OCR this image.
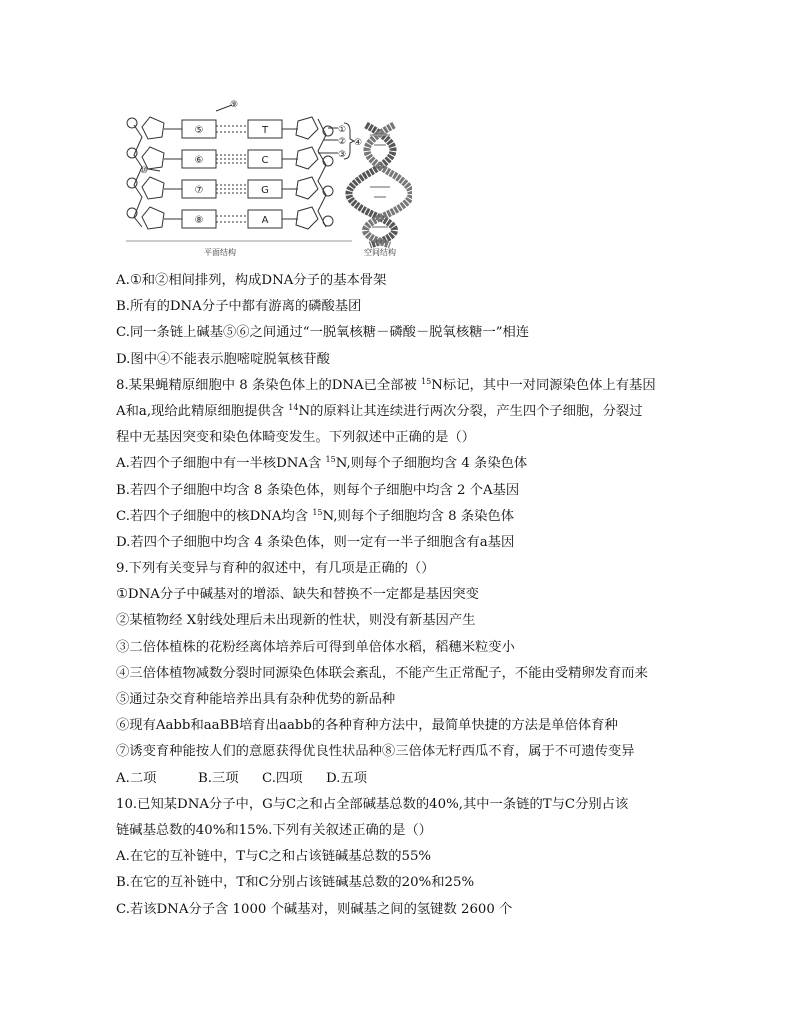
⑤
⑥
⑦
⑧
T
C
G
A
⑨
①
②
③
④
⑩
平面结构	空间结构
A.①和②相间排列，构成DNA分子的基本骨架
B.所有的DNA分子中都有游离的磷酸基团
C.同一条链上碱基⑤⑥之间通过“一脱氧核糖－磷酸－脱氧核糖一”相连
D.图中④不能表示胞嘧啶脱氧核苷酸
8.某果蝇精原细胞中 8 条染色体上的DNA已全部被 $^{15}$N标记，其中一对同源染色体上有基因
A和a,现给此精原细胞提供含 $^{14}$N的原料让其连续进行两次分裂，产生四个子细胞，分裂过
程中无基因突变和染色体畸变发生。下列叙述中正确的是（）
A.若四个子细胞中有一半核DNA含 $^{15}$N,则每个子细胞均含 4 条染色体
B.若四个子细胞中均含 8 条染色体，则每个子细胞中均含 2 个A基因
C.若四个子细胞中的核DNA均含 $^{15}$N,则每个子细胞均含 8 条染色体
D.若四个子细胞中均含 4 条染色体，则一定有一半子细胞含有a基因
9.下列有关变异与育种的叙述中，有几项是正确的（）
①DNA分子中碱基对的增添、缺失和替换不一定都是基因突变
②某植物经 X射线处理后未出现新的性状，则没有新基因产生
③二倍体植株的花粉经离体培养后可得到单倍体水稻，稻穗米粒变小
④三倍体植物减数分裂时同源染色体联会紊乱，不能产生正常配子，不能由受精卵发育而来
⑤通过杂交育种能培养出具有杂种优势的新品种
⑥现有Aabb和aaBB培育出aabb的各种育种方法中，最简单快捷的方法是单倍体育种
⑦诱变育种能按人们的意愿获得优良性状品种⑧三倍体无籽西瓜不育，属于不可遗传变异
A.二项	B.三项 C.四项 D.五项
10.已知某DNA分子中，G与C之和占全部碱基总数的40%,其中一条链的T与C分别占该
链碱基总数的40%和15%.下列有关叙述正确的是（）
A.在它的互补链中，T与C之和占该链碱基总数的55%
B.在它的互补链中，T和C分别占该链碱基总数的20%和25%
C.若该DNA分子含 1000 个碱基对，则碱基之间的氢键数 2600 个
